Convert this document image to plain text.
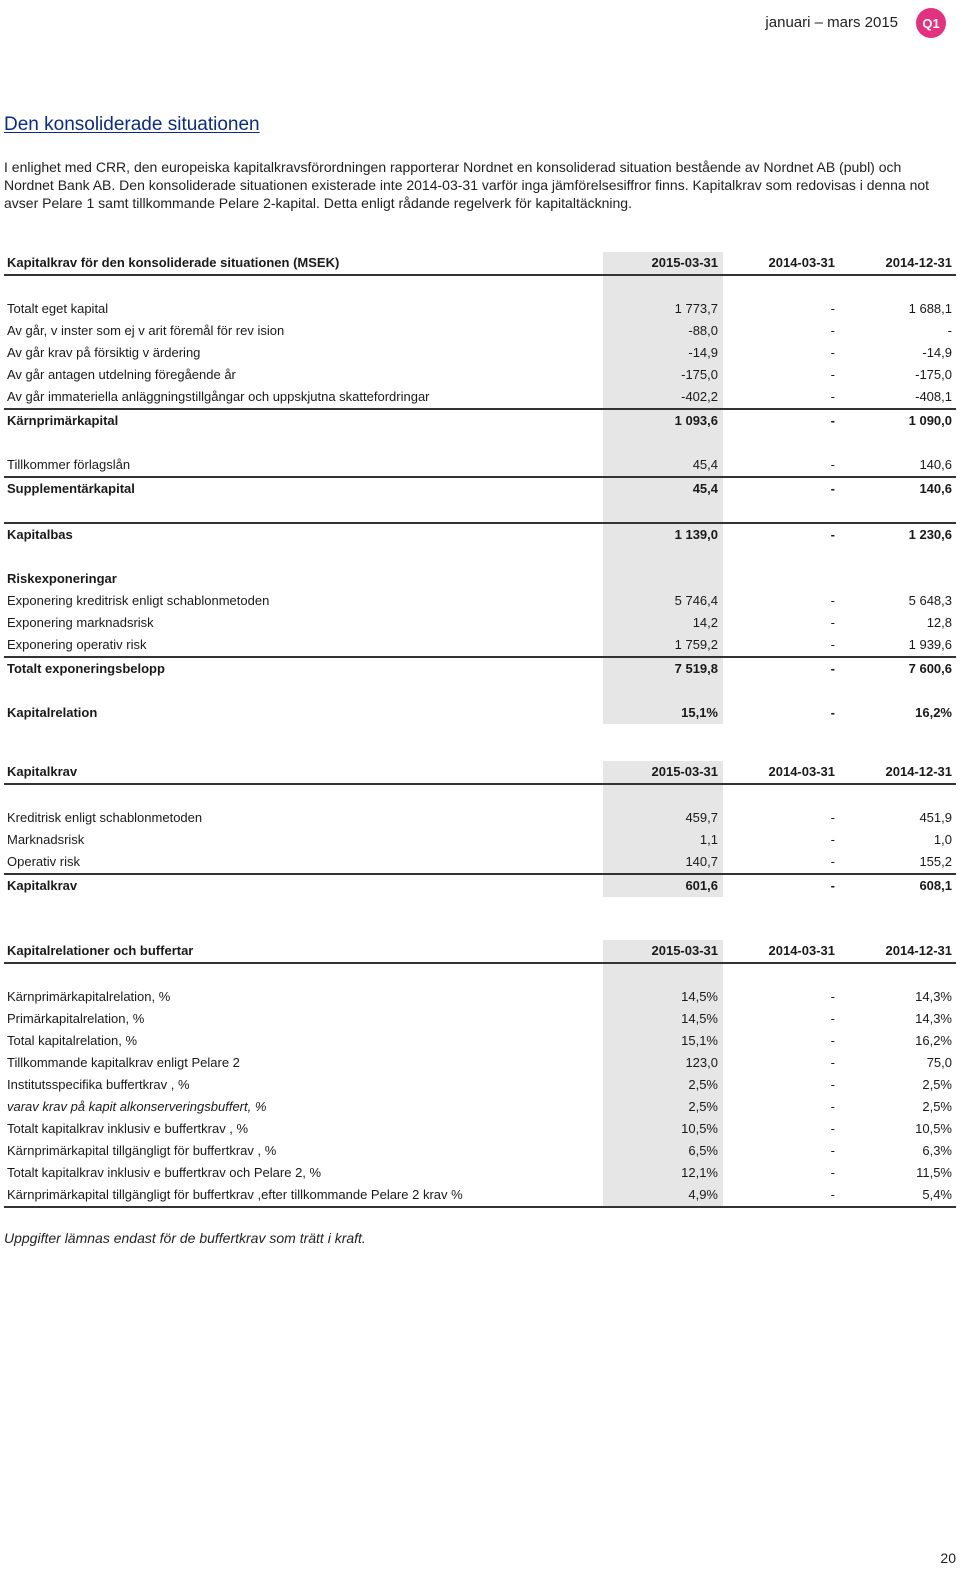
januari – mars 2015	Q1
Den konsoliderade situationen
I enlighet med CRR, den europeiska kapitalkravsförordningen rapporterar Nordnet en konsoliderad situation bestående av Nordnet AB (publ) och Nordnet Bank AB. Den konsoliderade situationen existerade inte 2014-03-31 varför inga jämförelsesiffror finns. Kapitalkrav som redovisas i denna not avser Pelare 1 samt tillkommande Pelare 2-kapital. Detta enligt rådande regelverk för kapitaltäckning.
Kapitalkrav för den konsoliderade situationen (MSEK)	2015-03-31	2014-03-31	2014-12-31
Totalt eget kapital	1 773,7	-	1 688,1
Av går, v inster som ej v arit föremål för rev ision	-88,0	-	-
Av går krav på försiktig v ärdering	-14,9	-	-14,9
Av går antagen utdelning föregående år	-175,0	-	-175,0
Av går immateriella anläggningstillgångar och uppskjutna skattefordringar	-402,2	-	-408,1
Kärnprimärkapital	1 093,6	-	1 090,0
Tillkommer förlagslån	45,4	-	140,6
Supplementärkapital	45,4	-	140,6
Kapitalbas	1 139,0	-	1 230,6
Riskexponeringar
Exponering kreditrisk enligt schablonmetoden	5 746,4	-	5 648,3
Exponering marknadsrisk	14,2	-	12,8
Exponering operativ risk	1 759,2	-	1 939,6
Totalt exponeringsbelopp	7 519,8	-	7 600,6
Kapitalrelation	15,1%	-	16,2%
Kapitalkrav	2015-03-31	2014-03-31	2014-12-31
Kreditrisk enligt schablonmetoden	459,7	-	451,9
Marknadsrisk	1,1	-	1,0
Operativ risk	140,7	-	155,2
Kapitalkrav	601,6	-	608,1
Kapitalrelationer och buffertar	2015-03-31	2014-03-31	2014-12-31
Kärnprimärkapitalrelation, %	14,5%	-	14,3%
Primärkapitalrelation, %	14,5%	-	14,3%
Total kapitalrelation, %	15,1%	-	16,2%
Tillkommande kapitalkrav enligt Pelare 2	123,0	-	75,0
Institutsspecifika buffertkrav , %	2,5%	-	2,5%
varav krav på kapit alkonserveringsbuffert, %	2,5%	-	2,5%
Totalt kapitalkrav inklusiv e buffertkrav , %	10,5%	-	10,5%
Kärnprimärkapital tillgängligt för buffertkrav , %	6,5%	-	6,3%
Totalt kapitalkrav inklusiv e buffertkrav och Pelare 2, %	12,1%	-	11,5%
Kärnprimärkapital tillgängligt för buffertkrav ,efter tillkommande Pelare 2 krav %	4,9%	-	5,4%
Uppgifter lämnas endast för de buffertkrav som trätt i kraft.
20
